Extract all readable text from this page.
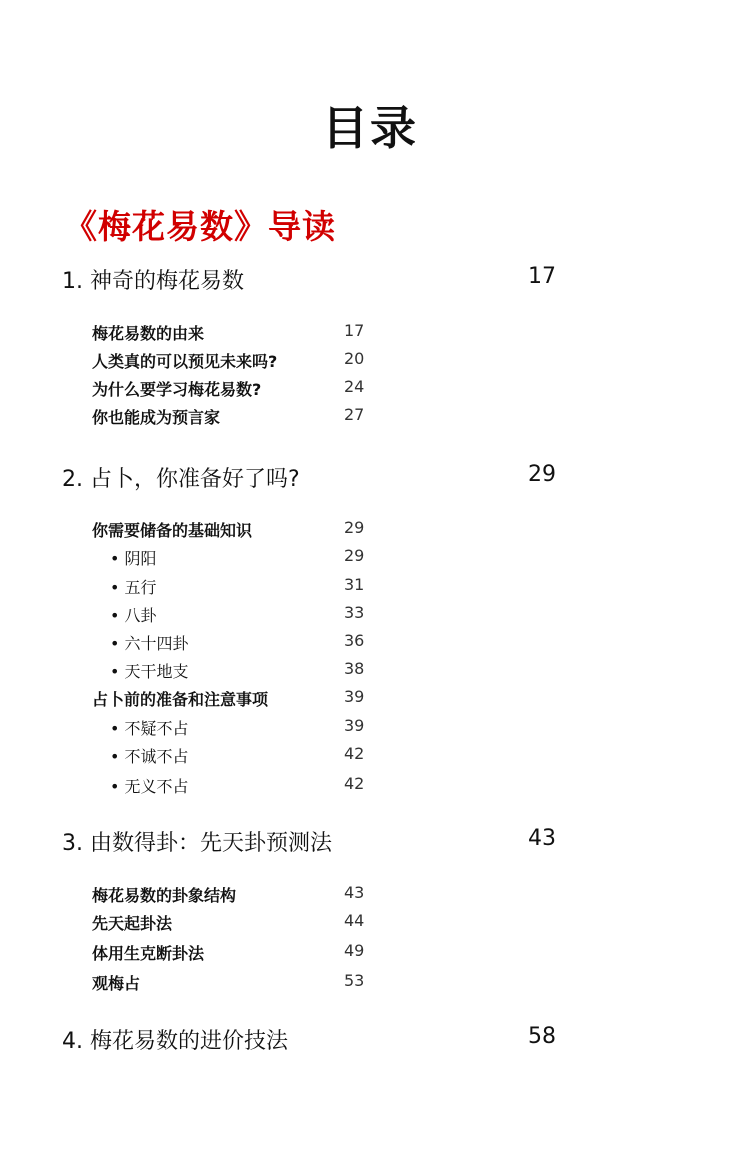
目录
《梅花易数》导读
1. 神奇的梅花易数	17
梅花易数的由来	17
人类真的可以预见未来吗?	20
为什么要学习梅花易数?	24
你也能成为预言家	27
2. 占卜，你准备好了吗?	29
你需要储备的基础知识	29
• 阴阳	29
• 五行	31
• 八卦	33
• 六十四卦	36
• 天干地支	38
占卜前的准备和注意事项	39
• 不疑不占	39
• 不诚不占	42
• 无义不占	42
3. 由数得卦：先天卦预测法	43
梅花易数的卦象结构	43
先天起卦法	44
体用生克断卦法	49
观梅占	53
4. 梅花易数的进价技法	58
